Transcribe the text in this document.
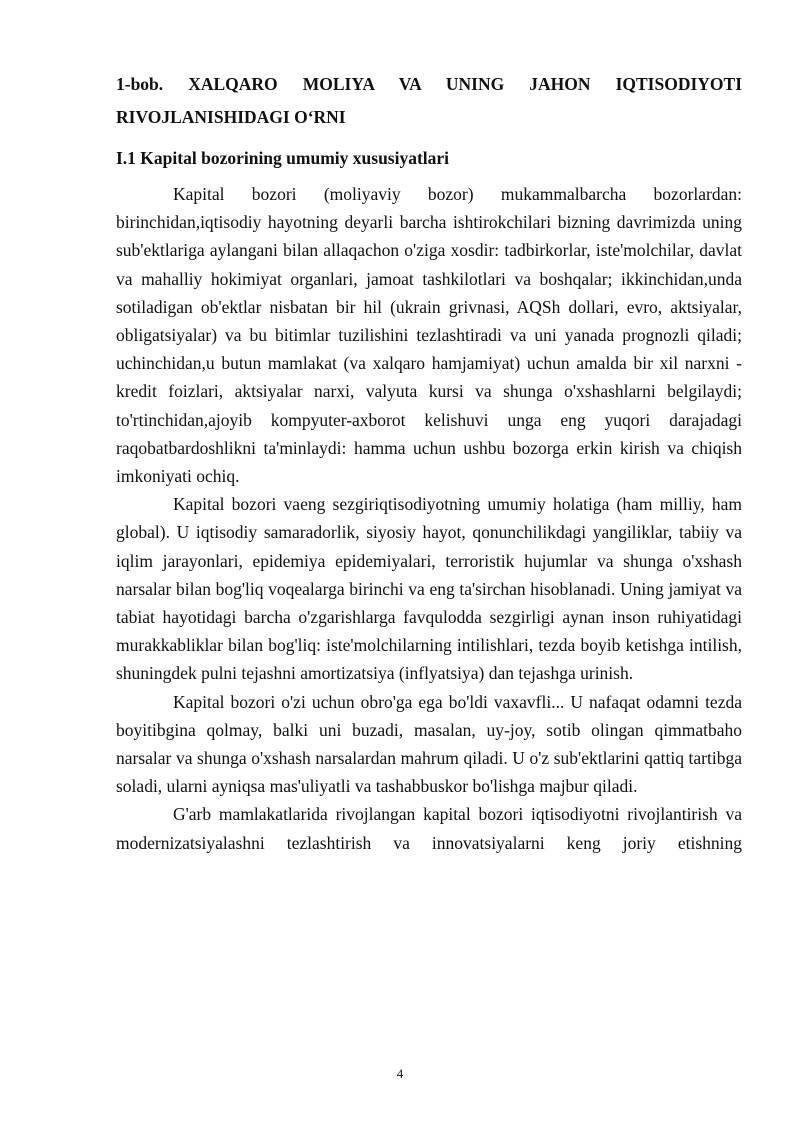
1-bob. XALQARO MOLIYA VA UNING JAHON IQTISODIYOTI
RIVOJLANISHIDAGI O‘RNI
I.1 Kapital bozorining umumiy xususiyatlari

Kapital bozori (moliyaviy bozor) mukammalbarcha bozorlardan: birinchidan,iqtisodiy hayotning deyarli barcha ishtirokchilari bizning davrimizda uning sub'ektlariga aylangani bilan allaqachon o'ziga xosdir: tadbirkorlar, iste'molchilar, davlat va mahalliy hokimiyat organlari, jamoat tashkilotlari va boshqalar; ikkinchidan,unda sotiladigan ob'ektlar nisbatan bir hil (ukrain grivnasi, AQSh dollari, evro, aktsiyalar, obligatsiyalar) va bu bitimlar tuzilishini tezlashtiradi va uni yanada prognozli qiladi; uchinchidan,u butun mamlakat (va xalqaro hamjamiyat) uchun amalda bir xil narxni - kredit foizlari, aktsiyalar narxi, valyuta kursi va shunga o'xshashlarni belgilaydi; to'rtinchidan,ajoyib kompyuter-axborot kelishuvi unga eng yuqori darajadagi raqobatbardoshlikni ta'minlaydi: hamma uchun ushbu bozorga erkin kirish va chiqish imkoniyati ochiq.

Kapital bozori vaeng sezgiriqtisodiyotning umumiy holatiga (ham milliy, ham global). U iqtisodiy samaradorlik, siyosiy hayot, qonunchilikdagi yangiliklar, tabiiy va iqlim jarayonlari, epidemiya epidemiyalari, terroristik hujumlar va shunga o'xshash narsalar bilan bog'liq voqealarga birinchi va eng ta'sirchan hisoblanadi. Uning jamiyat va tabiat hayotidagi barcha o'zgarishlarga favqulodda sezgirligi aynan inson ruhiyatidagi murakkabliklar bilan bog'liq: iste'molchilarning intilishlari, tezda boyib ketishga intilish, shuningdek pulni tejashni amortizatsiya (inflyatsiya) dan tejashga urinish.

Kapital bozori o'zi uchun obro'ga ega bo'ldi vaxavfli... U nafaqat odamni tezda boyitibgina qolmay, balki uni buzadi, masalan, uy-joy, sotib olingan qimmatbaho narsalar va shunga o'xshash narsalardan mahrum qiladi. U o'z sub'ektlarini qattiq tartibga soladi, ularni ayniqsa mas'uliyatli va tashabbuskor bo'lishga majbur qiladi.

G'arb mamlakatlarida rivojlangan kapital bozori iqtisodiyotni rivojlantirish va modernizatsiyalashni tezlashtirish va innovatsiyalarni keng joriy etishning

4
